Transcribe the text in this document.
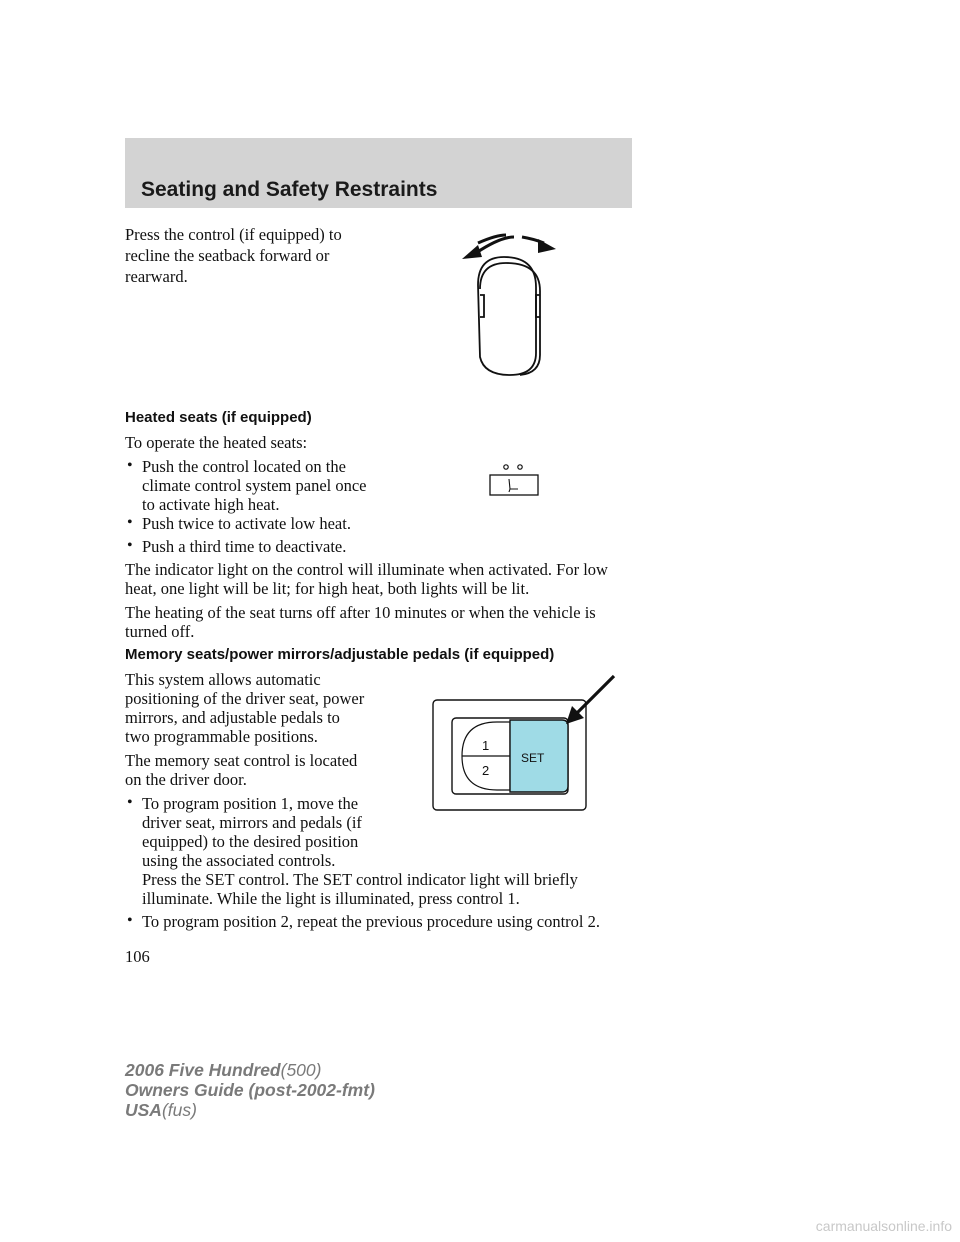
Seating and Safety Restraints

Press the control (if equipped) to

recline the seatback forward or

rearward.

Heated seats (if equipped)

To operate the heated seats:

• Push the control located on the

climate control system panel once

to activate high heat.

• Push twice to activate low heat.

• Push a third time to deactivate.

The indicator light on the control will illuminate when activated. For low

heat, one light will be lit; for high heat, both lights will be lit.

The heating of the seat turns off after 10 minutes or when the vehicle is

turned off.

Memory seats/power mirrors/adjustable pedals (if equipped)

This system allows automatic

positioning of the driver seat, power

mirrors, and adjustable pedals to

two programmable positions.

The memory seat control is located

on the driver door.

• To program position 1, move the

driver seat, mirrors and pedals (if

equipped) to the desired position

using the associated controls.

Press the SET control. The SET control indicator light will briefly

illuminate. While the light is illuminated, press control 1.

• To program position 2, repeat the previous procedure using control 2.

1
2
SET

106

2006 Five Hundred(500)
Owners Guide (post-2002-fmt)
USA(fus)
carmanualsonline.info
